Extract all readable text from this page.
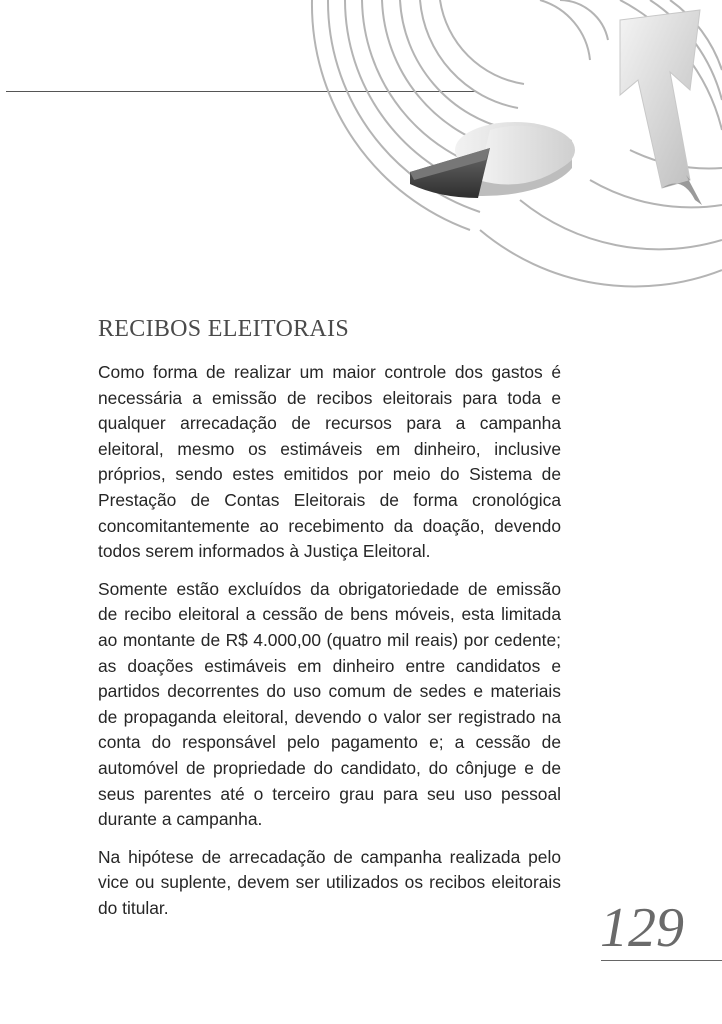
RECIBOS ELEITORAIS

Como forma de realizar um maior controle dos gastos é necessária a emissão de recibos eleitorais para toda e qualquer arrecadação de recursos para a campanha eleitoral, mesmo os estimáveis em dinheiro, inclusive próprios, sendo estes emitidos por meio do Sistema de Prestação de Contas Eleitorais de forma cronológica concomitantemente ao recebimento da doação, devendo todos serem informados à Justiça Eleitoral.

Somente estão excluídos da obrigatoriedade de emissão de recibo eleitoral a cessão de bens móveis, esta limitada ao montante de R$ 4.000,00 (quatro mil reais) por cedente; as doações estimáveis em dinheiro entre candidatos e partidos decorrentes do uso comum de sedes e materiais de propaganda eleitoral, devendo o valor ser registrado na conta do responsável pelo pagamento e; a cessão de automóvel de propriedade do candidato, do cônjuge e de seus parentes até o terceiro grau para seu uso pessoal durante a campanha.

Na hipótese de arrecadação de campanha realizada pelo vice ou suplente, devem ser utilizados os recibos eleitorais do titular.	129
